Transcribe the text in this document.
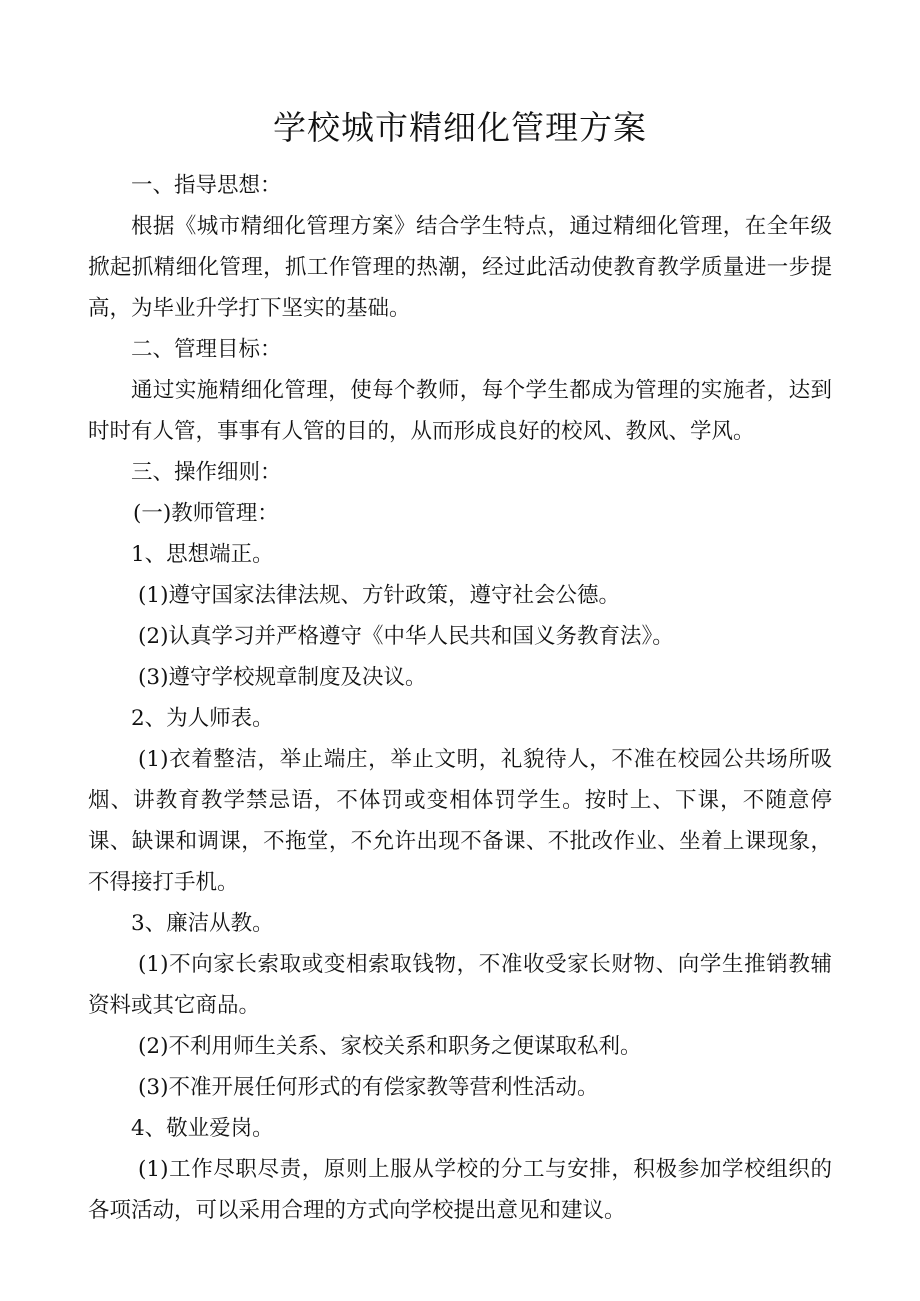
学校城市精细化管理方案

一、指导思想：

根据《城市精细化管理方案》结合学生特点，通过精细化管理，在全年级掀起抓精细化管理，抓工作管理的热潮，经过此活动使教育教学质量进一步提高，为毕业升学打下坚实的基础。

二、管理目标：

通过实施精细化管理，使每个教师，每个学生都成为管理的实施者，达到时时有人管，事事有人管的目的，从而形成良好的校风、教风、学风。

三、操作细则：

(一)教师管理：

1、思想端正。

(1)遵守国家法律法规、方针政策，遵守社会公德。

(2)认真学习并严格遵守《中华人民共和国义务教育法》。

(3)遵守学校规章制度及决议。

2、为人师表。

(1)衣着整洁，举止端庄，举止文明，礼貌待人，不准在校园公共场所吸烟、讲教育教学禁忌语，不体罚或变相体罚学生。按时上、下课，不随意停课、缺课和调课，不拖堂，不允许出现不备课、不批改作业、坐着上课现象，不得接打手机。

3、廉洁从教。

(1)不向家长索取或变相索取钱物，不准收受家长财物、向学生推销教辅资料或其它商品。

(2)不利用师生关系、家校关系和职务之便谋取私利。

(3)不准开展任何形式的有偿家教等营利性活动。

4、敬业爱岗。

(1)工作尽职尽责，原则上服从学校的分工与安排，积极参加学校组织的各项活动，可以采用合理的方式向学校提出意见和建议。
